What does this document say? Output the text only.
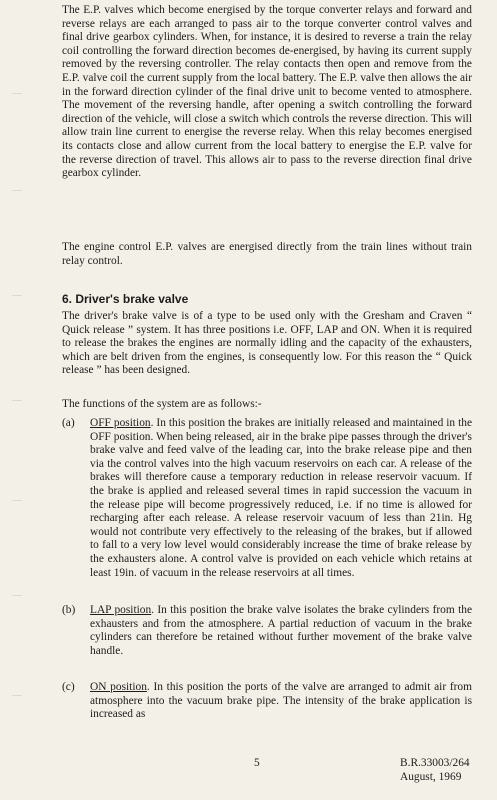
—
—
—
—
—
—
—

The E.P. valves which become energised by the torque converter relays and forward and reverse relays are each arranged to pass air to the torque converter control valves and final drive gearbox cylinders. When, for instance, it is desired to reverse a train the relay coil controlling the forward direction becomes de-energised, by having its current supply removed by the reversing controller. The relay contacts then open and remove from the E.P. valve coil the current supply from the local battery. The E.P. valve then allows the air in the forward direction cylinder of the final drive unit to become vented to atmosphere. The movement of the reversing handle, after opening a switch controlling the forward direction of the vehicle, will close a switch which controls the reverse direction. This will allow train line current to energise the reverse relay. When this relay becomes energised its contacts close and allow current from the local battery to energise the E.P. valve for the reverse direction of travel. This allows air to pass to the reverse direction final drive gearbox cylinder.

The engine control E.P. valves are energised directly from the train lines without train relay control.

6. Driver's brake valve

The driver's brake valve is of a type to be used only with the Gresham and Craven “ Quick release ” system. It has three positions i.e. OFF, LAP and ON. When it is required to release the brakes the engines are normally idling and the capacity of the exhausters, which are belt driven from the engines, is consequently low. For this reason the “ Quick release ” has been designed.

The functions of the system are as follows:-

(a)	OFF position. In this position the brakes are initially released and maintained in the OFF position. When being released, air in the brake pipe passes through the driver's brake valve and feed valve of the leading car, into the brake release pipe and then via the control valves into the high vacuum reservoirs on each car. A release of the brakes will therefore cause a temporary reduction in release reservoir vacuum. If the brake is applied and released several times in rapid succession the vacuum in the release pipe will become progressively reduced, i.e. if no time is allowed for recharging after each release. A release reservoir vacuum of less than 21in. Hg would not contribute very effectively to the releasing of the brakes, but if allowed to fall to a very low level would considerably increase the time of brake release by the exhausters alone. A control valve is provided on each vehicle which retains at least 19in. of vacuum in the release reservoirs at all times.
(b)	LAP position. In this position the brake valve isolates the brake cylinders from the exhausters and from the atmosphere. A partial reduction of vacuum in the brake cylinders can therefore be retained without further movement of the brake valve handle.
(c)	ON position. In this position the ports of the valve are arranged to admit air from atmosphere into the vacuum brake pipe. The intensity of the brake application is increased as
5	B.R.33003/264
August, 1969
